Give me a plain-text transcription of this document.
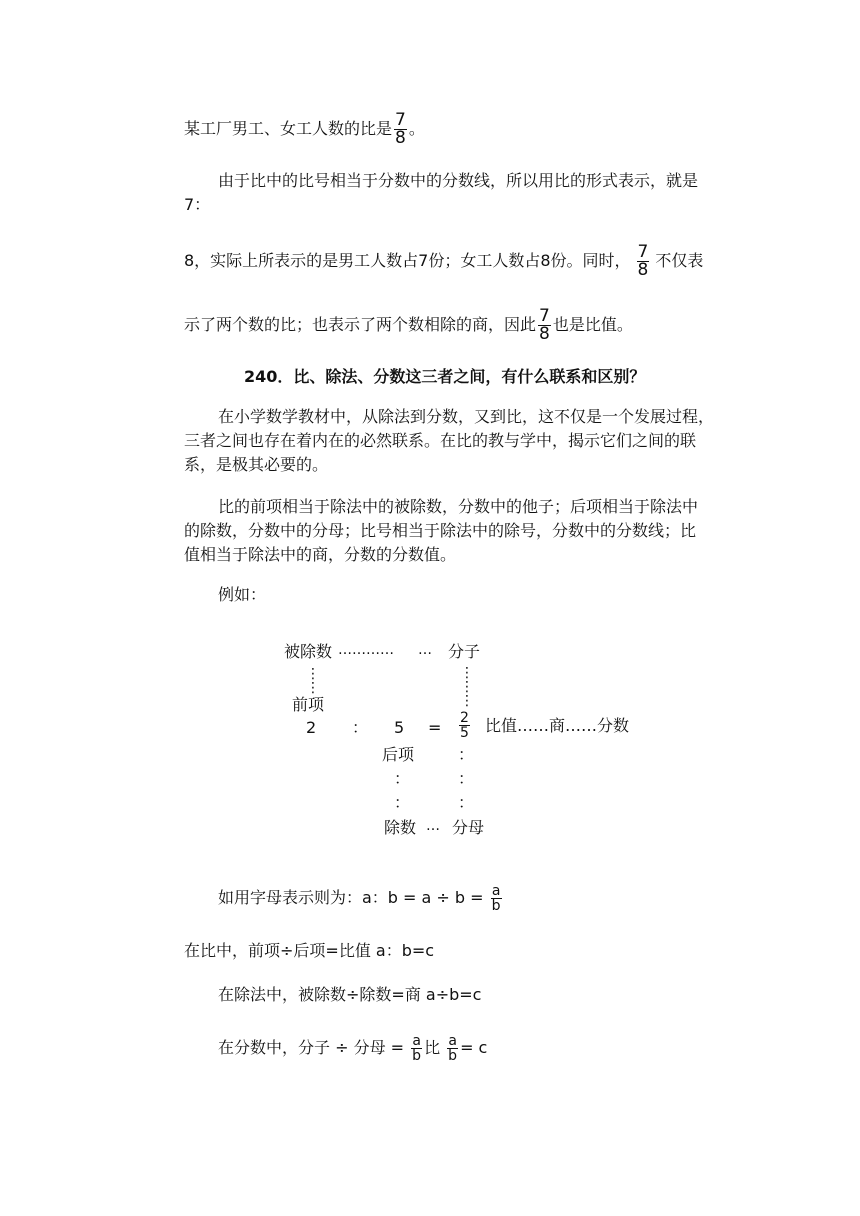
某工厂男工、女工人数的比是 $\frac{7}{8}$ 。
由于比中的比号相当于分数中的分数线，所以用比的形式表示，就是
7：
8，实际上所表示的是男工人数占7份；女工人数占8份。同时， $\frac{7}{8}$ 不仅表
示了两个数的比；也表示了两个数相除的商，因此 $\frac{7}{8}$ 也是比值。
240．比、除法、分数这三者之间，有什么联系和区别？
在小学数学教材中，从除法到分数，又到比，这不仅是一个发展过程，
三者之间也存在着内在的必然联系。在比的教与学中，揭示它们之间的联
系，是极其必要的。
比的前项相当于除法中的被除数，分数中的他子；后项相当于除法中
的除数，分数中的分母；比号相当于除法中的除号，分数中的分数线；比
值相当于除法中的商，分数的分数值。
例如：
被除数 ………… … 分子
⋮
⋮
⋮
⋮
⋮
前项
2 ： $5 = \frac{2}{5}$ 比值……商……分数
后项	：
：	：
：	：
除数 … 分母
如用字母表示则为：a：$b = a \div b = \frac{a}{b}$
在比中，前项÷后项=比值 a：b=c
在除法中，被除数÷除数=商 a÷b=c
在分数中，分子 ÷ 分母 = $\frac{a}{b}$ 比 $\frac{a}{b} = c$
